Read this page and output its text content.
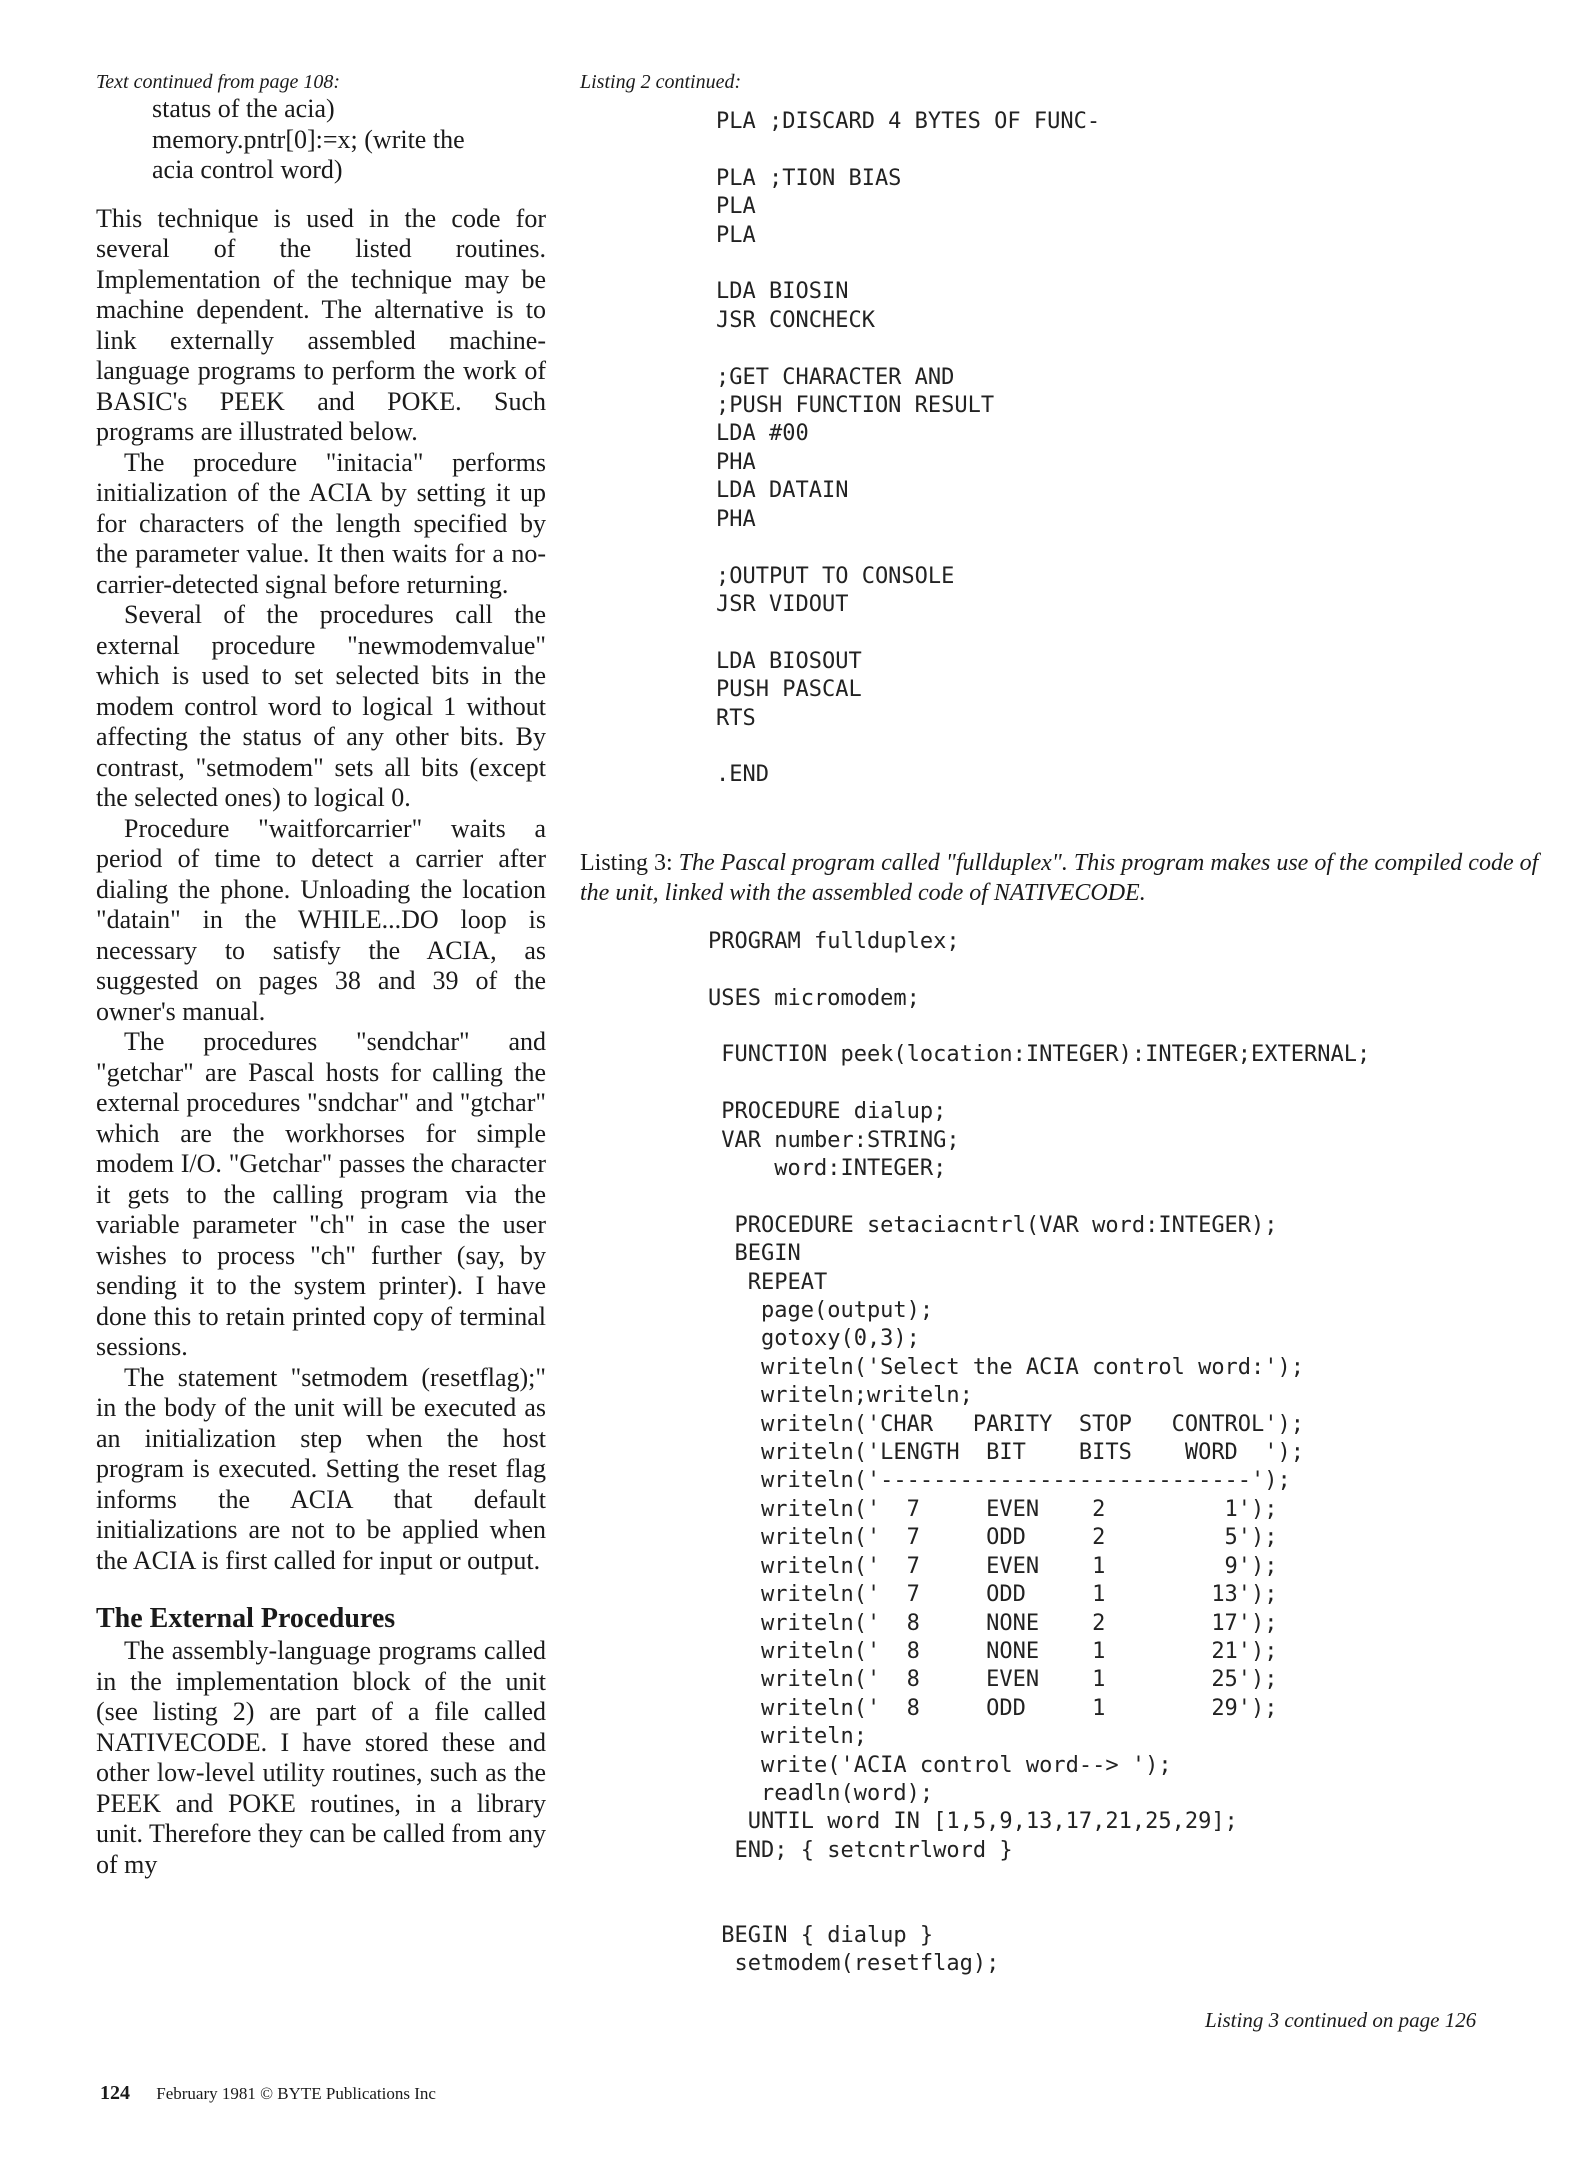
Text continued from page 108:
status of the acia)
memory.pntr[0]:=x; (write the
acia control word)

This technique is used in the code for several of the listed routines. Implementation of the technique may be machine dependent. The alternative is to link externally assembled machine-language programs to perform the work of BASIC's PEEK and POKE. Such programs are illustrated below.

The procedure "initacia" performs initialization of the ACIA by setting it up for characters of the length specified by the parameter value. It then waits for a no-carrier-detected signal before returning.

Several of the procedures call the external procedure "newmodemvalue" which is used to set selected bits in the modem control word to logical 1 without affecting the status of any other bits. By contrast, "setmodem" sets all bits (except the selected ones) to logical 0.

Procedure "waitforcarrier" waits a period of time to detect a carrier after dialing the phone. Unloading the location "datain" in the WHILE...DO loop is necessary to satisfy the ACIA, as suggested on pages 38 and 39 of the owner's manual.

The procedures "sendchar" and "getchar" are Pascal hosts for calling the external procedures "sndchar" and "gtchar" which are the workhorses for simple modem I/O. "Getchar" passes the character it gets to the calling program via the variable parameter "ch" in case the user wishes to process "ch" further (say, by sending it to the system printer). I have done this to retain printed copy of terminal sessions.

The statement "setmodem (resetflag);" in the body of the unit will be executed as an initialization step when the host program is executed. Setting the reset flag informs the ACIA that default initializations are not to be applied when the ACIA is first called for input or output.

The External Procedures

The assembly-language programs called in the implementation block of the unit (see listing 2) are part of a file called NATIVECODE. I have stored these and other low-level utility routines, such as the PEEK and POKE routines, in a library unit. Therefore they can be called from any of my

Listing 2 continued:
PLA ;DISCARD 4 BYTES OF FUNC-

PLA ;TION BIAS
PLA
PLA

LDA BIOSIN
JSR CONCHECK

;GET CHARACTER AND
;PUSH FUNCTION RESULT
LDA #00
PHA
LDA DATAIN
PHA

;OUTPUT TO CONSOLE
JSR VIDOUT

LDA BIOSOUT
PUSH PASCAL
RTS

.END

Listing 3: The Pascal program called "fullduplex". This program makes use of the compiled code of the unit, linked with the assembled code of NATIVECODE.

PROGRAM fullduplex;

USES micromodem;

FUNCTION peek(location:INTEGER):INTEGER;EXTERNAL;

PROCEDURE dialup;
VAR number:STRING;
word:INTEGER;

PROCEDURE setaciacntrl(VAR word:INTEGER);
BEGIN
REPEAT
page(output);
gotoxy(0,3);
writeln('Select the ACIA control word:');
writeln;writeln;
writeln('CHAR   PARITY  STOP   CONTROL');
writeln('LENGTH  BIT    BITS    WORD  ');
writeln('----------------------------');
writeln('  7     EVEN    2         1');
writeln('  7     ODD     2         5');
writeln('  7     EVEN    1         9');
writeln('  7     ODD     1        13');
writeln('  8     NONE    2        17');
writeln('  8     NONE    1        21');
writeln('  8     EVEN    1        25');
writeln('  8     ODD     1        29');
writeln;
write('ACIA control word--> ');
readln(word);
UNTIL word IN [1,5,9,13,17,21,25,29];
END; { setcntrlword }

BEGIN { dialup }
setmodem(resetflag);
Listing 3 continued on page 126
124 February 1981 © BYTE Publications Inc
